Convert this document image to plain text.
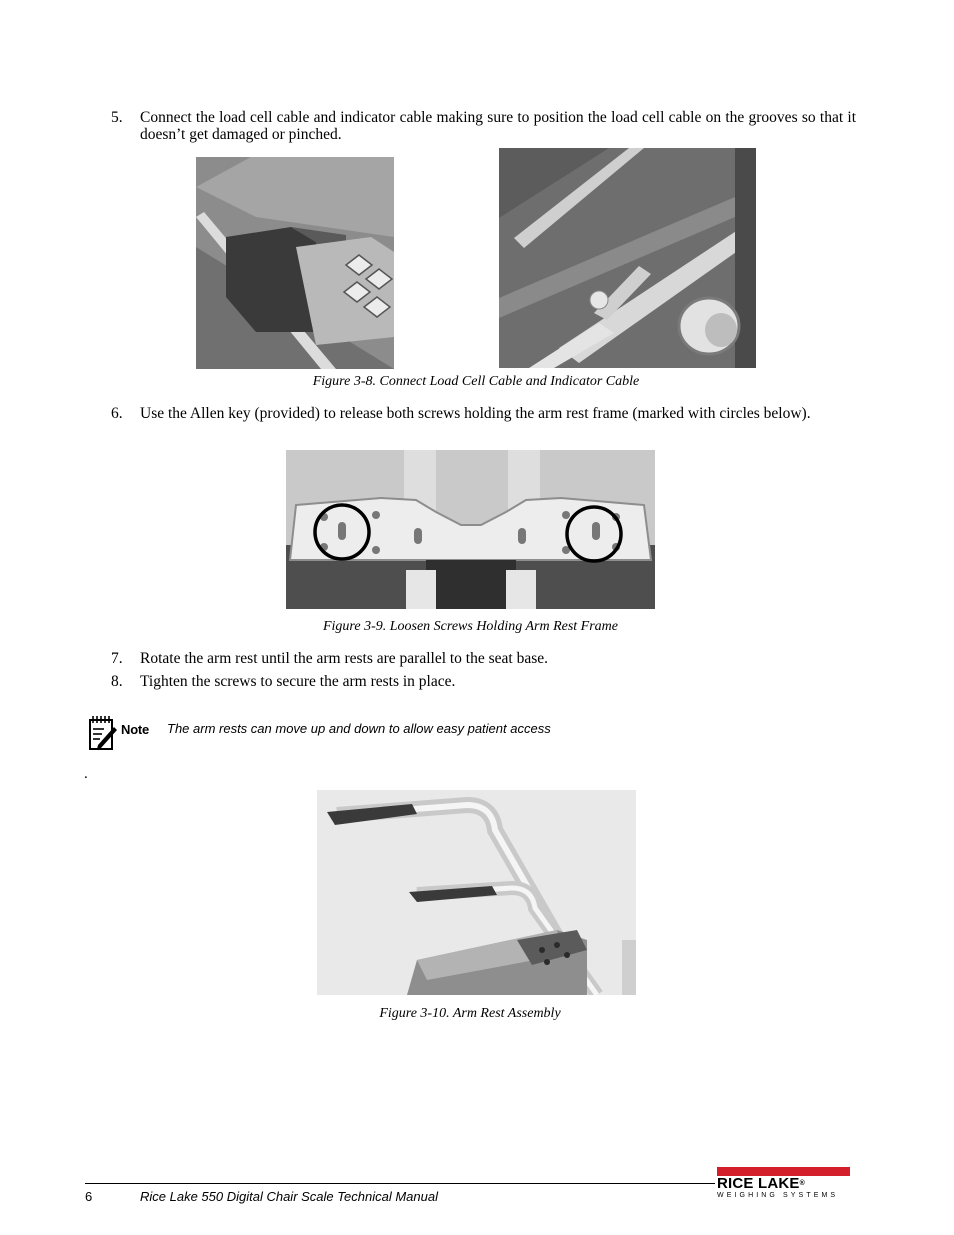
5. Connect the load cell cable and indicator cable making sure to position the load cell cable on the grooves so that it doesn’t get damaged or pinched.
Figure 3-8. Connect Load Cell Cable and Indicator Cable
6. Use the Allen key (provided) to release both screws holding the arm rest frame (marked with circles below).
Figure 3-9. Loosen Screws Holding Arm Rest Frame
7. Rotate the arm rest until the arm rests are parallel to the seat base.
8. Tighten the screws to secure the arm rests in place.
Note The arm rests can move up and down to allow easy patient access
.
Figure 3-10. Arm Rest Assembly
6	Rice Lake 550 Digital Chair Scale Technical Manual
RICE LAKE®
WEIGHING SYSTEMS
